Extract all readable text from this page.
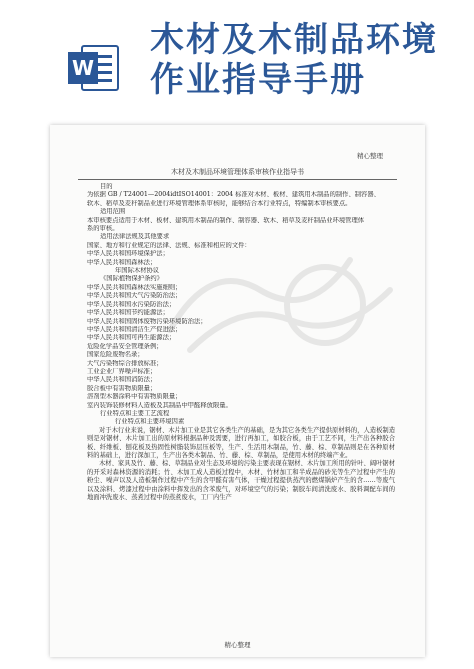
W
木材及木制品环境
作业指导手册
精心整理
木材及木制品环境管理体系审核作业指导书
目的
为依据 GB / T24001—2004idtISO14001：2004 标准对木材、板材、建筑用木制品的制作、制容器、
软木、稻草及麦秆制品业进行环境管理体系审核时，能够结合本行业特点，特编制本审核要点。
适用范围
本审核要点适用于木材、板材、建筑用木制品的制作、制容器、软木、稻草及麦秆制品业环境管理体
系的审核。
适用法律法规及其他要求
国家、地方和行业规定的法律、法规、标准和相应的文件：
中华人民共和国环境保护法；
中华人民共和国森林法；
年国际木材协议
《国际植物保护条约》
中华人民共和国森林法实施细则；
中华人民共和国大气污染防治法；
中华人民共和国水污染防治法；
中华人民共和国节约能源法；
中华人民共和国固体废物污染环境防治法；
中华人民共和国清洁生产促进法；
中华人民共和国可再生能源法；
危险化学品安全管理条例；
国家危险废物名录；
大气污染物综合排放标准；
工业企业厂界噪声标准；
中华人民共和国消防法；
胶合板中有害物质限量；
溶剂型木器涂料中有害物质限量；
室内装饰装修材料人造板及其制品中甲醛释放限量。
行业特点和主要工艺流程
行业特点和主要环境因素
对于木行业来说，锯材、木片加工业是其它各类生产的基础，是为其它各类生产提供原材料的，人造板制造则是对锯材、木片加工出的原材料根据品种及需要，进行再加工，如胶合板，由于工艺不同，生产出各种胶合板、纤维板、刨花板及热固性树脂装饰层压板等，生产、生活用木制品，竹、藤、棕、草制品则是在各种原材料的基础上，进行深加工，生产出各类木制品、竹、藤、棕、草制品，是使用木材的终端产业。
木材、家具及竹、藤、棕、草制品业对生态及环境的污染主要表现在锯材、木片加工所用的针叶、阔叶锯材的开采对森林资源的消耗；竹、木加工成人造板过程中，木材、竹材加工和半成品的砂光等生产过程中产生的粉尘、噪声以及人造板制作过程中产生的含甲醛有害气体，干燥过程提供蒸汽的燃煤锅炉产生的含……等废气以及涂料、烤漆过程中由涂料中挥发出的含苯废气，对环境空气的污染；制胶车间清洗废水、胶料调配车间的地面冲洗废水、蒸煮过程中的蒸煮废水，工厂内生产
精心整理
